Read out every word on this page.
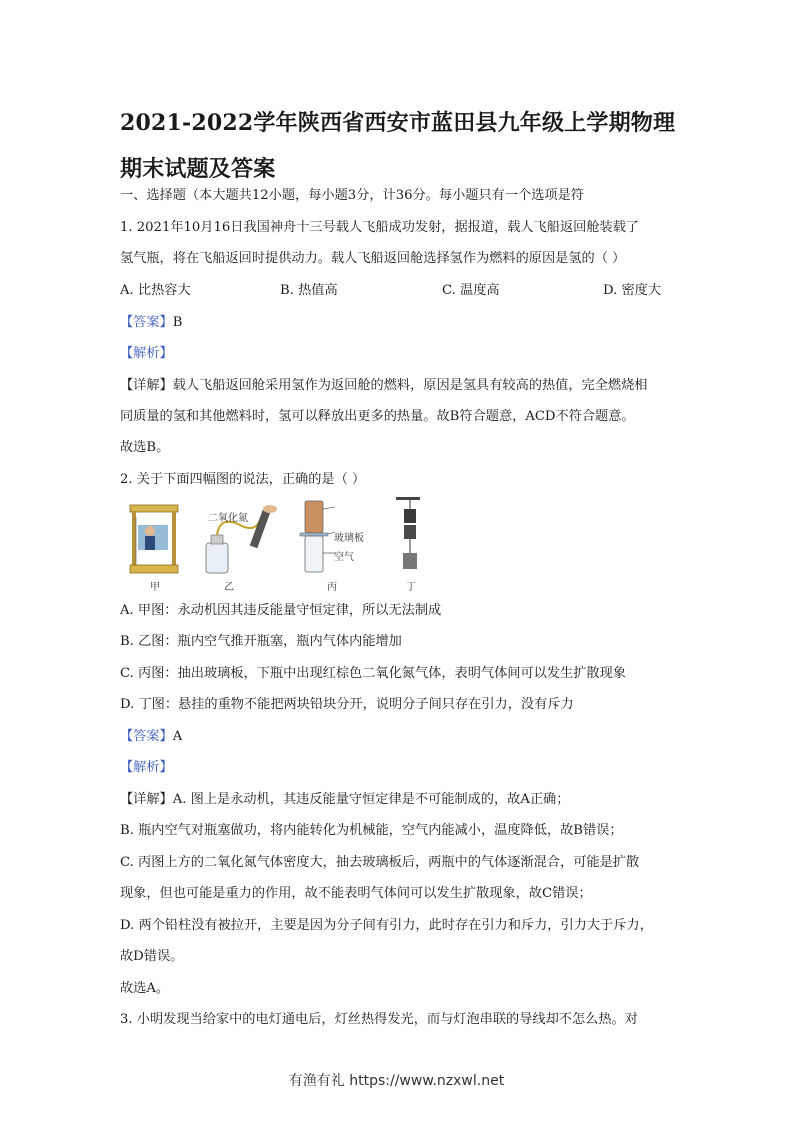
2021-2022学年陕西省西安市蓝田县九年级上学期物理期末试题及答案
一、选择题（本大题共12小题，每小题3分，计36分。每小题只有一个选项是符
1. 2021年10月16日我国神舟十三号载人飞船成功发射，据报道，载人飞船返回舱装载了
氢气瓶，将在飞船返回时提供动力。载人飞船返回舱选择氢作为燃料的原因是氢的（ ）
A. 比热容大	B. 热值高	C. 温度高	D. 密度大
【答案】B
【解析】
【详解】载人飞船返回舱采用氢作为返回舱的燃料，原因是氢具有较高的热值，完全燃烧相
同质量的氢和其他燃料时，氢可以释放出更多的热量。故B符合题意，ACD不符合题意。
故选B。
2. 关于下面四幅图的说法，正确的是（ ）
二氧化氮
玻璃板
空气
甲	乙	丙	丁
A. 甲图：永动机因其违反能量守恒定律，所以无法制成
B. 乙图：瓶内空气推开瓶塞，瓶内气体内能增加
C. 丙图：抽出玻璃板，下瓶中出现红棕色二氧化氮气体，表明气体间可以发生扩散现象
D. 丁图：悬挂的重物不能把两块铅块分开，说明分子间只存在引力，没有斥力
【答案】A
【解析】
【详解】A. 图上是永动机，其违反能量守恒定律是不可能制成的，故A正确；
B. 瓶内空气对瓶塞做功，将内能转化为机械能，空气内能减小，温度降低，故B错误；
C. 丙图上方的二氧化氮气体密度大，抽去玻璃板后，两瓶中的气体逐渐混合，可能是扩散
现象，但也可能是重力的作用，故不能表明气体间可以发生扩散现象，故C错误；
D. 两个铅柱没有被拉开，主要是因为分子间有引力，此时存在引力和斥力，引力大于斥力，
故D错误。
故选A。
3. 小明发现当给家中的电灯通电后，灯丝热得发光，而与灯泡串联的导线却不怎么热。对
有渔有礼 https://www.nzxwl.net
